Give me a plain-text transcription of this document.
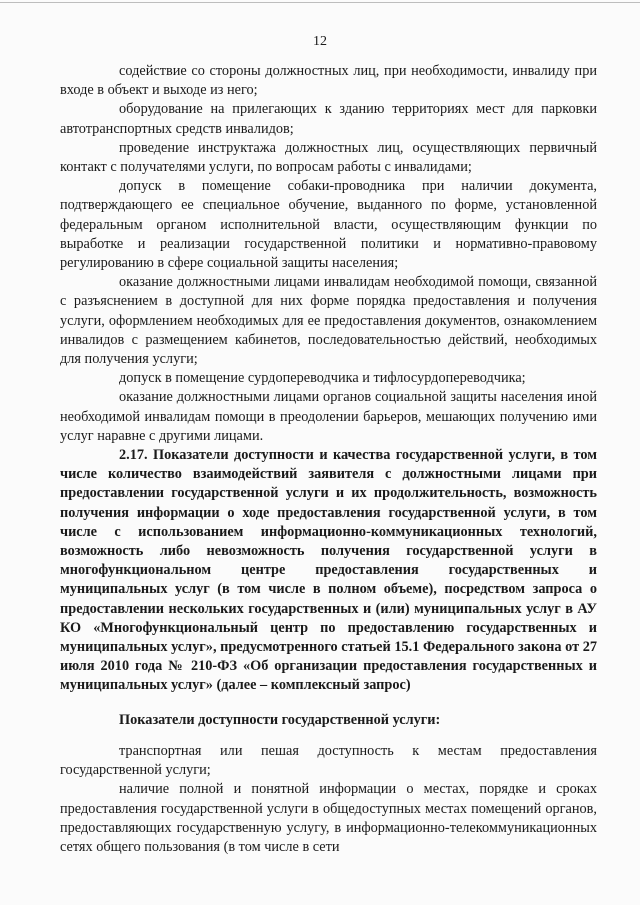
12

содействие со стороны должностных лиц, при необходимости, инвалиду при входе в объект и выходе из него;

оборудование на прилегающих к зданию территориях мест для парковки автотранспортных средств инвалидов;

проведение инструктажа должностных лиц, осуществляющих первичный контакт с получателями услуги, по вопросам работы с инвалидами;

допуск в помещение собаки-проводника при наличии документа, подтверждающего ее специальное обучение, выданного по форме, установленной федеральным органом исполнительной власти, осуществляющим функции по выработке и реализации государственной политики и нормативно-правовому регулированию в сфере социальной защиты населения;

оказание должностными лицами инвалидам необходимой помощи, связанной с разъяснением в доступной для них форме порядка предоставления и получения услуги, оформлением необходимых для ее предоставления документов, ознакомлением инвалидов с размещением кабинетов, последовательностью действий, необходимых для получения услуги;

допуск в помещение сурдопереводчика и тифлосурдопереводчика;

оказание должностными лицами органов социальной защиты населения иной необходимой инвалидам помощи в преодолении барьеров, мешающих получению ими услуг наравне с другими лицами.

2.17. Показатели доступности и качества государственной услуги, в том числе количество взаимодействий заявителя с должностными лицами при предоставлении государственной услуги и их продолжительность, возможность получения информации о ходе предоставления государственной услуги, в том числе с использованием информационно-коммуникационных технологий, возможность либо невозможность получения государственной услуги в многофункциональном центре предоставления государственных и муниципальных услуг (в том числе в полном объеме), посредством запроса о предоставлении нескольких государственных и (или) муниципальных услуг в АУ КО «Многофункциональный центр по предоставлению государственных и муниципальных услуг», предусмотренного статьей 15.1 Федерального закона от 27 июля 2010 года № 210-ФЗ «Об организации предоставления государственных и муниципальных услуг» (далее – комплексный запрос)

Показатели доступности государственной услуги:

транспортная или пешая доступность к местам предоставления государственной услуги;

наличие полной и понятной информации о местах, порядке и сроках предоставления государственной услуги в общедоступных местах помещений органов, предоставляющих государственную услугу, в информационно-телекоммуникационных сетях общего пользования (в том числе в сети
